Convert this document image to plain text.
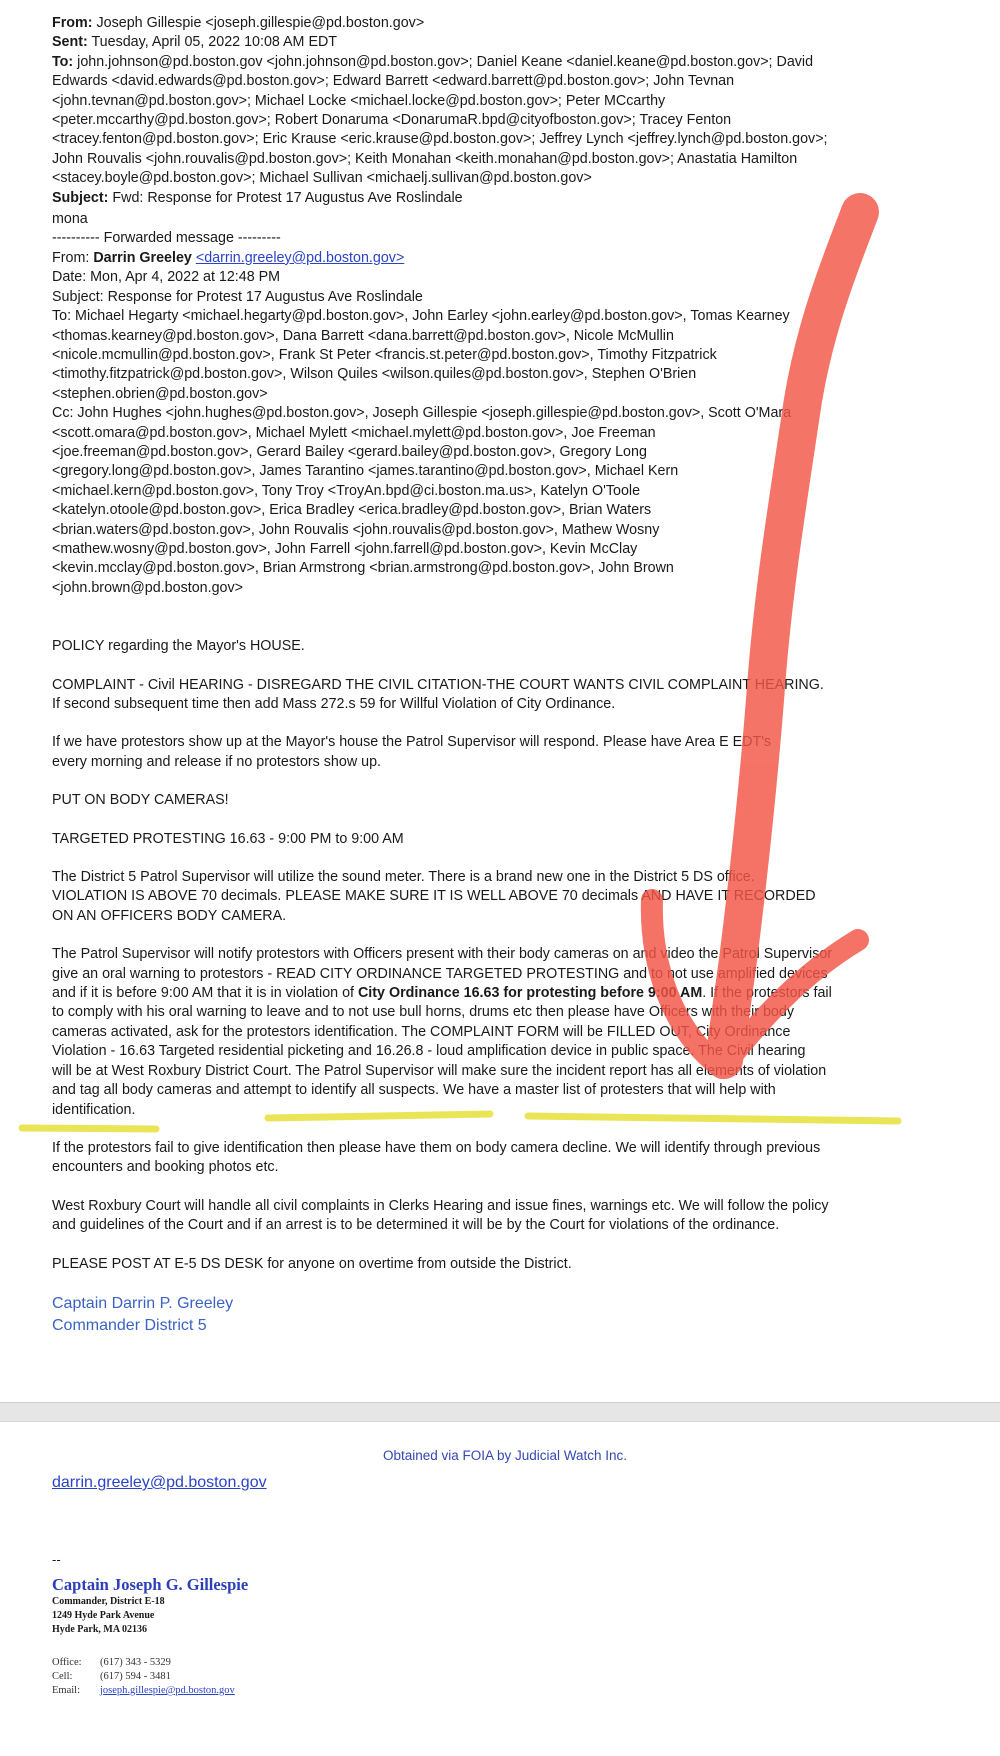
From: Joseph Gillespie <joseph.gillespie@pd.boston.gov>
Sent: Tuesday, April 05, 2022 10:08 AM EDT
To: john.johnson@pd.boston.gov <john.johnson@pd.boston.gov>; Daniel Keane <daniel.keane@pd.boston.gov>; David
Edwards <david.edwards@pd.boston.gov>; Edward Barrett <edward.barrett@pd.boston.gov>; John Tevnan
<john.tevnan@pd.boston.gov>; Michael Locke <michael.locke@pd.boston.gov>; Peter MCcarthy
<peter.mccarthy@pd.boston.gov>; Robert Donaruma <DonarumaR.bpd@cityofboston.gov>; Tracey Fenton
<tracey.fenton@pd.boston.gov>; Eric Krause <eric.krause@pd.boston.gov>; Jeffrey Lynch <jeffrey.lynch@pd.boston.gov>;
John Rouvalis <john.rouvalis@pd.boston.gov>; Keith Monahan <keith.monahan@pd.boston.gov>; Anastatia Hamilton
<stacey.boyle@pd.boston.gov>; Michael Sullivan <michaelj.sullivan@pd.boston.gov>
Subject: Fwd: Response for Protest 17 Augustus Ave Roslindale
mona
---------- Forwarded message ---------
From: Darrin Greeley <darrin.greeley@pd.boston.gov>
Date: Mon, Apr 4, 2022 at 12:48 PM
Subject: Response for Protest 17 Augustus Ave Roslindale
To: Michael Hegarty <michael.hegarty@pd.boston.gov>, John Earley <john.earley@pd.boston.gov>, Tomas Kearney
<thomas.kearney@pd.boston.gov>, Dana Barrett <dana.barrett@pd.boston.gov>, Nicole McMullin
<nicole.mcmullin@pd.boston.gov>, Frank St Peter <francis.st.peter@pd.boston.gov>, Timothy Fitzpatrick
<timothy.fitzpatrick@pd.boston.gov>, Wilson Quiles <wilson.quiles@pd.boston.gov>, Stephen O'Brien
<stephen.obrien@pd.boston.gov>
Cc: John Hughes <john.hughes@pd.boston.gov>, Joseph Gillespie <joseph.gillespie@pd.boston.gov>, Scott O'Mara
<scott.omara@pd.boston.gov>, Michael Mylett <michael.mylett@pd.boston.gov>, Joe Freeman
<joe.freeman@pd.boston.gov>, Gerard Bailey <gerard.bailey@pd.boston.gov>, Gregory Long
<gregory.long@pd.boston.gov>, James Tarantino <james.tarantino@pd.boston.gov>, Michael Kern
<michael.kern@pd.boston.gov>, Tony Troy <TroyAn.bpd@ci.boston.ma.us>, Katelyn O'Toole
<katelyn.otoole@pd.boston.gov>, Erica Bradley <erica.bradley@pd.boston.gov>, Brian Waters
<brian.waters@pd.boston.gov>, John Rouvalis <john.rouvalis@pd.boston.gov>, Mathew Wosny
<mathew.wosny@pd.boston.gov>, John Farrell <john.farrell@pd.boston.gov>, Kevin McClay
<kevin.mcclay@pd.boston.gov>, Brian Armstrong <brian.armstrong@pd.boston.gov>, John Brown
<john.brown@pd.boston.gov>
POLICY regarding the Mayor's HOUSE.
COMPLAINT - Civil HEARING - DISREGARD THE CIVIL CITATION-THE COURT WANTS CIVIL COMPLAINT HEARING.
If second subsequent time then add Mass 272.s 59 for Willful Violation of City Ordinance.
If we have protestors show up at the Mayor's house the Patrol Supervisor will respond. Please have Area E EDT's
every morning and release if no protestors show up.
PUT ON BODY CAMERAS!
TARGETED PROTESTING 16.63 - 9:00 PM to 9:00 AM
The District 5 Patrol Supervisor will utilize the sound meter. There is a brand new one in the District 5 DS office.
VIOLATION IS ABOVE 70 decimals. PLEASE MAKE SURE IT IS WELL ABOVE 70 decimals AND HAVE IT RECORDED
ON AN OFFICERS BODY CAMERA.
The Patrol Supervisor will notify protestors with Officers present with their body cameras on and video the Patrol Supervisor
give an oral warning to protestors - READ CITY ORDINANCE TARGETED PROTESTING and to not use amplified devices
and if it is before 9:00 AM that it is in violation of City Ordinance 16.63 for protesting before 9:00 AM. If the protestors fail
to comply with his oral warning to leave and to not use bull horns, drums etc then please have Officers with their body
cameras activated, ask for the protestors identification. The COMPLAINT FORM will be FILLED OUT, City Ordinance
Violation - 16.63 Targeted residential picketing and 16.26.8 - loud amplification device in public space. The Civil hearing
will be at West Roxbury District Court. The Patrol Supervisor will make sure the incident report has all elements of violation
and tag all body cameras and attempt to identify all suspects. We have a master list of protesters that will help with
identification.
If the protestors fail to give identification then please have them on body camera decline. We will identify through previous
encounters and booking photos etc.
West Roxbury Court will handle all civil complaints in Clerks Hearing and issue fines, warnings etc. We will follow the policy
and guidelines of the Court and if an arrest is to be determined it will be by the Court for violations of the ordinance.
PLEASE POST AT E-5 DS DESK for anyone on overtime from outside the District.
Captain Darrin P. Greeley
Commander District 5
Obtained via FOIA by Judicial Watch Inc.
darrin.greeley@pd.boston.gov
--
Captain Joseph G. Gillespie
Commander, District E-18
1249 Hyde Park Avenue
Hyde Park, MA 02136
Office: (617) 343 - 5329
Cell:	(617) 594 - 3481
Email: joseph.gillespie@pd.boston.gov
